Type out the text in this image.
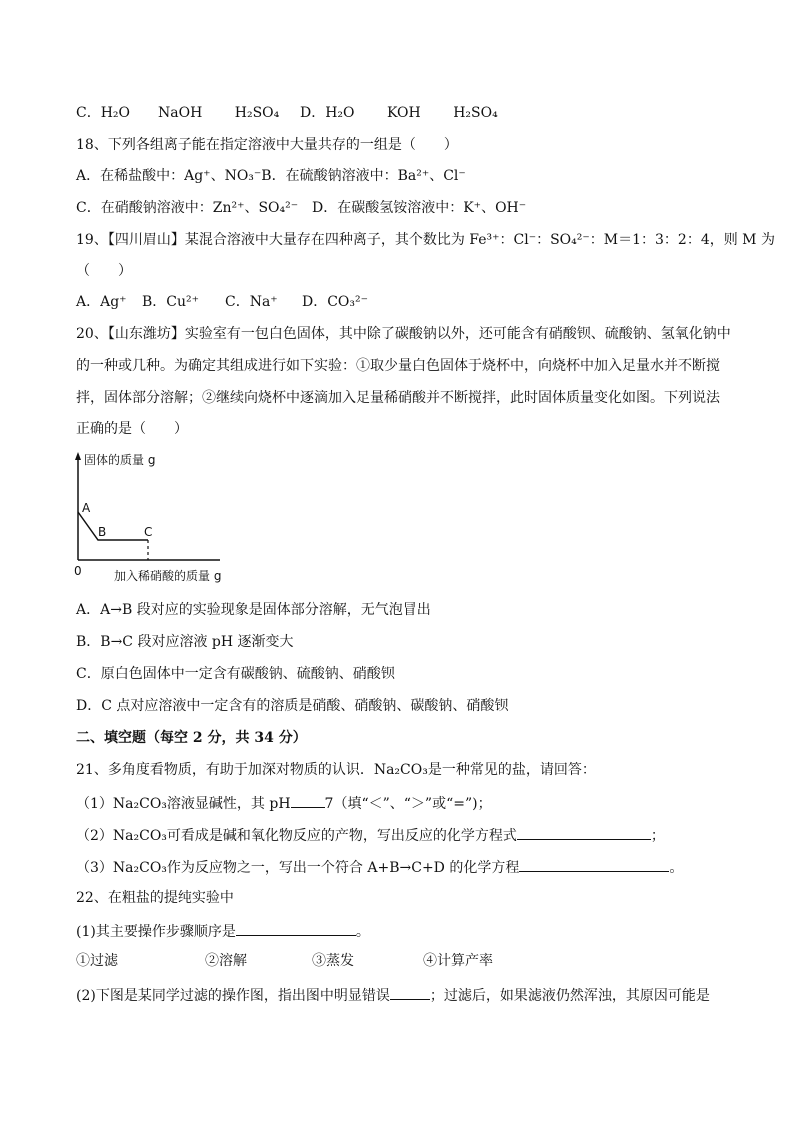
C．H₂O　　NaOH　　 H₂SO₄ D．H₂O　　 KOH　　 H₂SO₄
18、下列各组离子能在指定溶液中大量共存的一组是（　　）
A．在稀盐酸中：Ag⁺、NO₃⁻B．在硫酸钠溶液中：Ba²⁺、Cl⁻
C．在硝酸钠溶液中：Zn²⁺、SO₄²⁻ D．在碳酸氢铵溶液中：K⁺、OH⁻
19、【四川眉山】某混合溶液中大量存在四种离子，其个数比为 Fe³⁺：Cl⁻：SO₄²⁻：M＝1：3：2：4，则 M 为
（　　）
A．Ag⁺ B．Cu²⁺ C．Na⁺ D．CO₃²⁻
20、【山东潍坊】实验室有一包白色固体，其中除了碳酸钠以外，还可能含有硝酸钡、硫酸钠、氢氧化钠中
的一种或几种。为确定其组成进行如下实验：①取少量白色固体于烧杯中，向烧杯中加入足量水并不断搅
拌，固体部分溶解；②继续向烧杯中逐滴加入足量稀硝酸并不断搅拌，此时固体质量变化如图。下列说法
正确的是（　　）
固体的质量 g
加入稀硝酸的质量 g
0
A
B	C
A．A→B 段对应的实验现象是固体部分溶解，无气泡冒出
B．B→C 段对应溶液 pH 逐渐变大
C．原白色固体中一定含有碳酸钠、硫酸钠、硝酸钡
D．C 点对应溶液中一定含有的溶质是硝酸、硝酸钠、碳酸钠、硝酸钡
二、填空题（每空 2 分，共 34 分）
21、多角度看物质，有助于加深对物质的认识．Na₂CO₃是一种常见的盐，请回答：
（1）Na₂CO₃溶液显碱性，其 pH 7（填“＜”、“＞”或“=”)；
（2）Na₂CO₃可看成是碱和氧化物反应的产物，写出反应的化学方程式	；
（3）Na₂CO₃作为反应物之一，写出一个符合 A+B→C+D 的化学方程	。
22、在粗盐的提纯实验中
(1)其主要操作步骤顺序是	。
①过滤	②溶解	③蒸发	④计算产率
(2)下图是某同学过滤的操作图，指出图中明显错误	；过滤后，如果滤液仍然浑浊，其原因可能是
